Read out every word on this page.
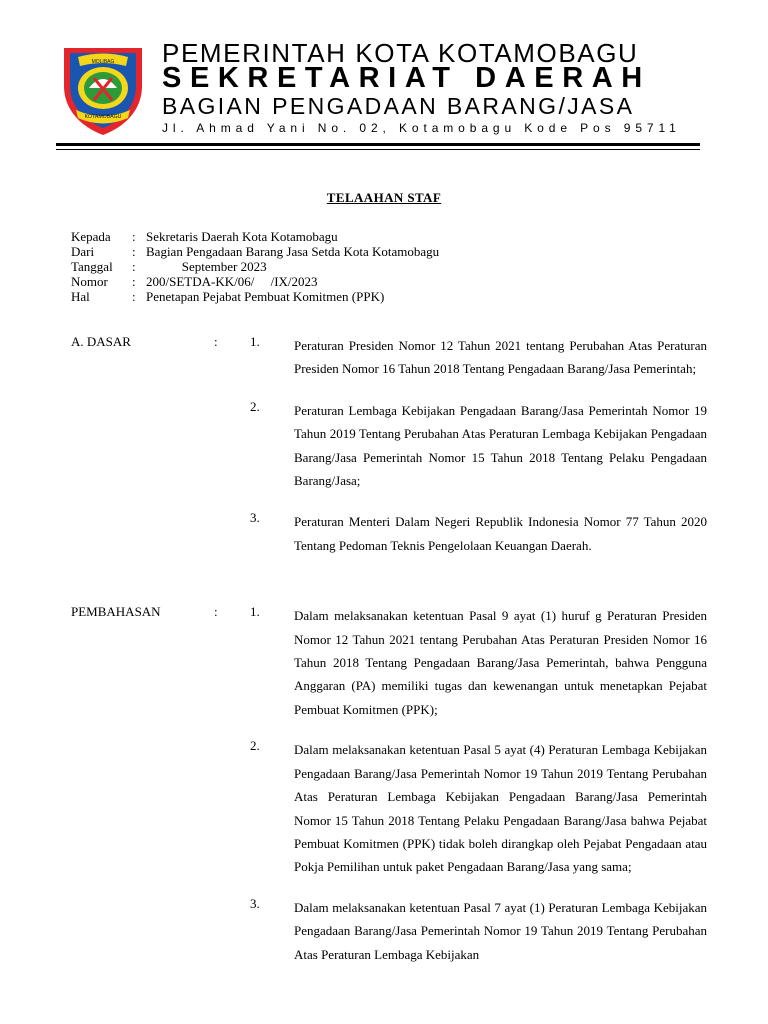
MOLIBAG
KOTAMOBAGU
PEMERINTAH KOTA KOTAMOBAGU
SEKRETARIAT DAERAH
BAGIAN PENGADAAN BARANG/JASA
Jl. Ahmad Yani No. 02, Kotamobagu Kode Pos 95711
TELAAHAN STAF
Kepada	: Sekretaris Daerah Kota Kotamobagu
Dari	: Bagian Pengadaan Barang Jasa Setda Kota Kotamobagu
Tanggal	: September 2023
Nomor	: 200/SETDA-KK/06/     /IX/2023
Hal	: Penetapan Pejabat Pembuat Komitmen (PPK)
A. DASAR	: 1.	Peraturan Presiden Nomor 12 Tahun 2021 tentang Perubahan Atas Peraturan Presiden Nomor 16 Tahun 2018 Tentang Pengadaan Barang/Jasa Pemerintah;

2.	Peraturan Lembaga Kebijakan Pengadaan Barang/Jasa Pemerintah Nomor 19 Tahun 2019 Tentang Perubahan Atas Peraturan Lembaga Kebijakan Pengadaan Barang/Jasa Pemerintah Nomor 15 Tahun 2018 Tentang Pelaku Pengadaan Barang/Jasa;

3.	Peraturan Menteri Dalam Negeri Republik Indonesia Nomor 77 Tahun 2020 Tentang Pedoman Teknis Pengelolaan Keuangan Daerah.

PEMBAHASAN	: 1.	Dalam melaksanakan ketentuan Pasal 9 ayat (1) huruf g Peraturan Presiden Nomor 12 Tahun 2021 tentang Perubahan Atas Peraturan Presiden Nomor 16 Tahun 2018 Tentang Pengadaan Barang/Jasa Pemerintah, bahwa Pengguna Anggaran (PA) memiliki tugas dan kewenangan untuk menetapkan Pejabat Pembuat Komitmen (PPK);

2.	Dalam melaksanakan ketentuan Pasal 5 ayat (4) Peraturan Lembaga Kebijakan Pengadaan Barang/Jasa Pemerintah Nomor 19 Tahun 2019 Tentang Perubahan Atas Peraturan Lembaga Kebijakan Pengadaan Barang/Jasa Pemerintah Nomor 15 Tahun 2018 Tentang Pelaku Pengadaan Barang/Jasa bahwa Pejabat Pembuat Komitmen (PPK) tidak boleh dirangkap oleh Pejabat Pengadaan atau Pokja Pemilihan untuk paket Pengadaan Barang/Jasa yang sama;

3.	Dalam melaksanakan ketentuan Pasal 7 ayat (1) Peraturan Lembaga Kebijakan Pengadaan Barang/Jasa Pemerintah Nomor 19 Tahun 2019 Tentang Perubahan Atas Peraturan Lembaga Kebijakan
